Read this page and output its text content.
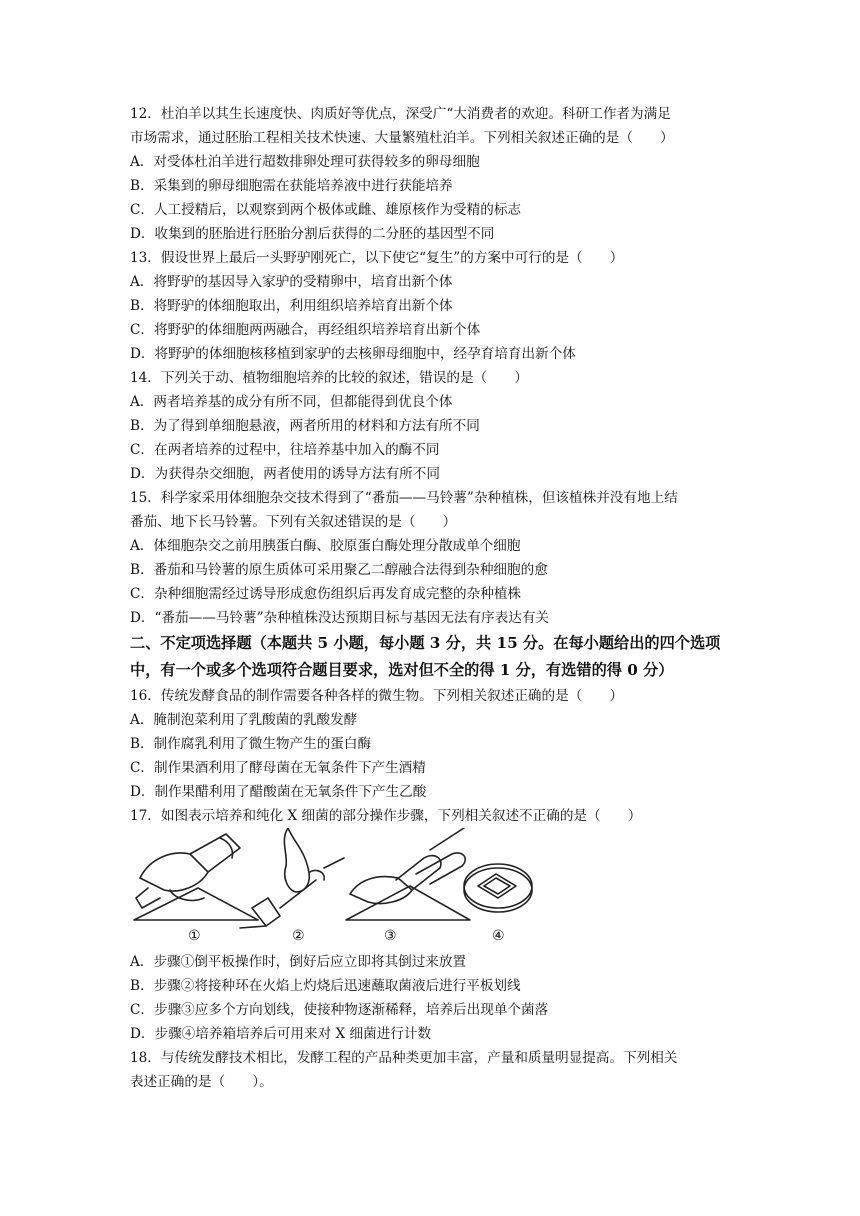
12．杜泊羊以其生长速度快、肉质好等优点，深受广“大消费者的欢迎。科研工作者为满足
市场需求，通过胚胎工程相关技术快速、大量繁殖杜泊羊。下列相关叙述正确的是（　　）
A．对受体杜泊羊进行超数排卵处理可获得较多的卵母细胞
B．采集到的卵母细胞需在获能培养液中进行获能培养
C．人工授精后，以观察到两个极体或雌、雄原核作为受精的标志
D．收集到的胚胎进行胚胎分割后获得的二分胚的基因型不同
13．假设世界上最后一头野驴刚死亡，以下使它“复生”的方案中可行的是（　　）
A．将野驴的基因导入家驴的受精卵中，培育出新个体
B．将野驴的体细胞取出，利用组织培养培育出新个体
C．将野驴的体细胞两两融合，再经组织培养培育出新个体
D．将野驴的体细胞核移植到家驴的去核卵母细胞中，经孕育培育出新个体
14．下列关于动、植物细胞培养的比较的叙述，错误的是（　　）
A．两者培养基的成分有所不同，但都能得到优良个体
B．为了得到单细胞悬液，两者所用的材料和方法有所不同
C．在两者培养的过程中，往培养基中加入的酶不同
D．为获得杂交细胞，两者使用的诱导方法有所不同
15．科学家采用体细胞杂交技术得到了“番茄——马铃薯”杂种植株，但该植株并没有地上结
番茄、地下长马铃薯。下列有关叙述错误的是（　　）
A．体细胞杂交之前用胰蛋白酶、胶原蛋白酶处理分散成单个细胞
B．番茄和马铃薯的原生质体可采用聚乙二醇融合法得到杂种细胞的愈
C．杂种细胞需经过诱导形成愈伤组织后再发育成完整的杂种植株
D．“番茄——马铃薯”杂种植株没达预期目标与基因无法有序表达有关
二、不定项选择题（本题共 5 小题，每小题 3 分，共 15 分。在每小题给出的四个选项中，有一个或多个选项符合题目要求，选对但不全的得 1 分，有选错的得 0 分）
16．传统发酵食品的制作需要各种各样的微生物。下列相关叙述正确的是（　　）
A．腌制泡菜利用了乳酸菌的乳酸发酵
B．制作腐乳利用了微生物产生的蛋白酶
C．制作果酒利用了酵母菌在无氧条件下产生酒精
D．制作果醋利用了醋酸菌在无氧条件下产生乙酸
17．如图表示培养和纯化 X 细菌的部分操作步骤，下列相关叙述不正确的是（　　）
①	②	③	④
A．步骤①倒平板操作时，倒好后应立即将其倒过来放置
B．步骤②将接种环在火焰上灼烧后迅速蘸取菌液后进行平板划线
C．步骤③应多个方向划线，使接种物逐渐稀释，培养后出现单个菌落
D．步骤④培养箱培养后可用来对 X 细菌进行计数
18．与传统发酵技术相比，发酵工程的产品种类更加丰富，产量和质量明显提高。下列相关
表述正确的是（　　）。
